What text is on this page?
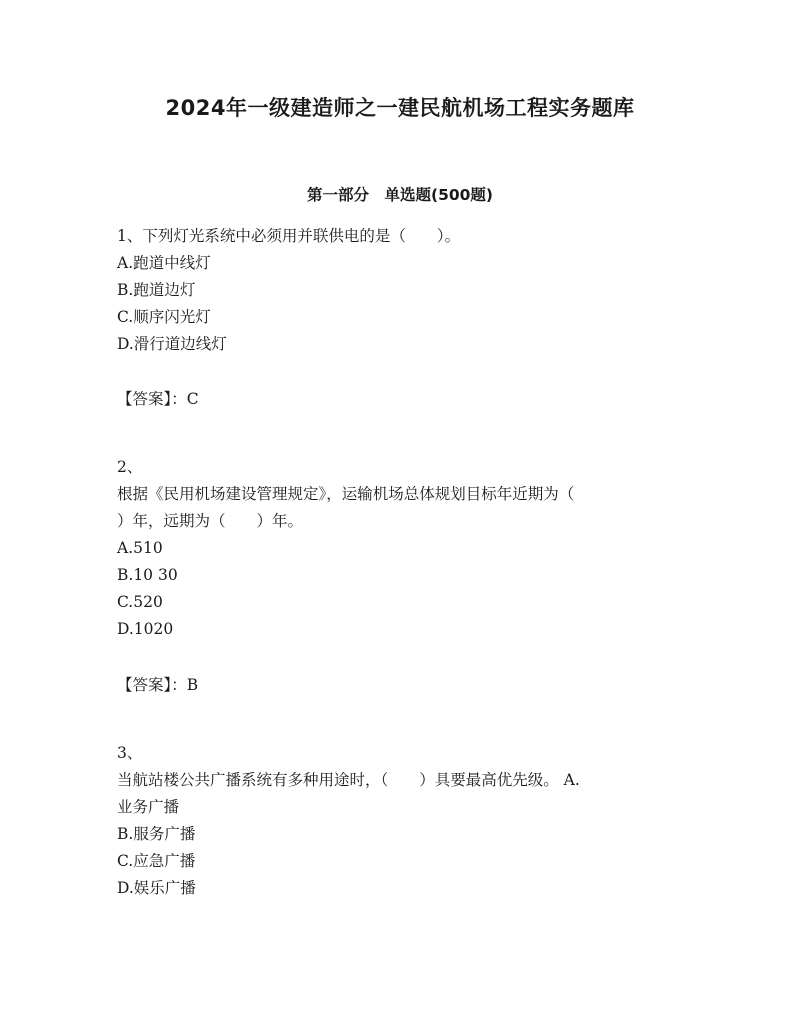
2024年一级建造师之一建民航机场工程实务题库
第一部分　单选题(500题)
1、下列灯光系统中必须用并联供电的是（　　）。
A.跑道中线灯
B.跑道边灯
C.顺序闪光灯
D.滑行道边线灯
【答案】：C
2、
根据《民用机场建设管理规定》，运输机场总体规划目标年近期为（
）年，远期为（　　）年。
A.510
B.10 30
C.520
D.1020
【答案】：B
3、
当航站楼公共广播系统有多种用途时，（　　）具要最高优先级。 A.
业务广播
B.服务广播
C.应急广播
D.娱乐广播
